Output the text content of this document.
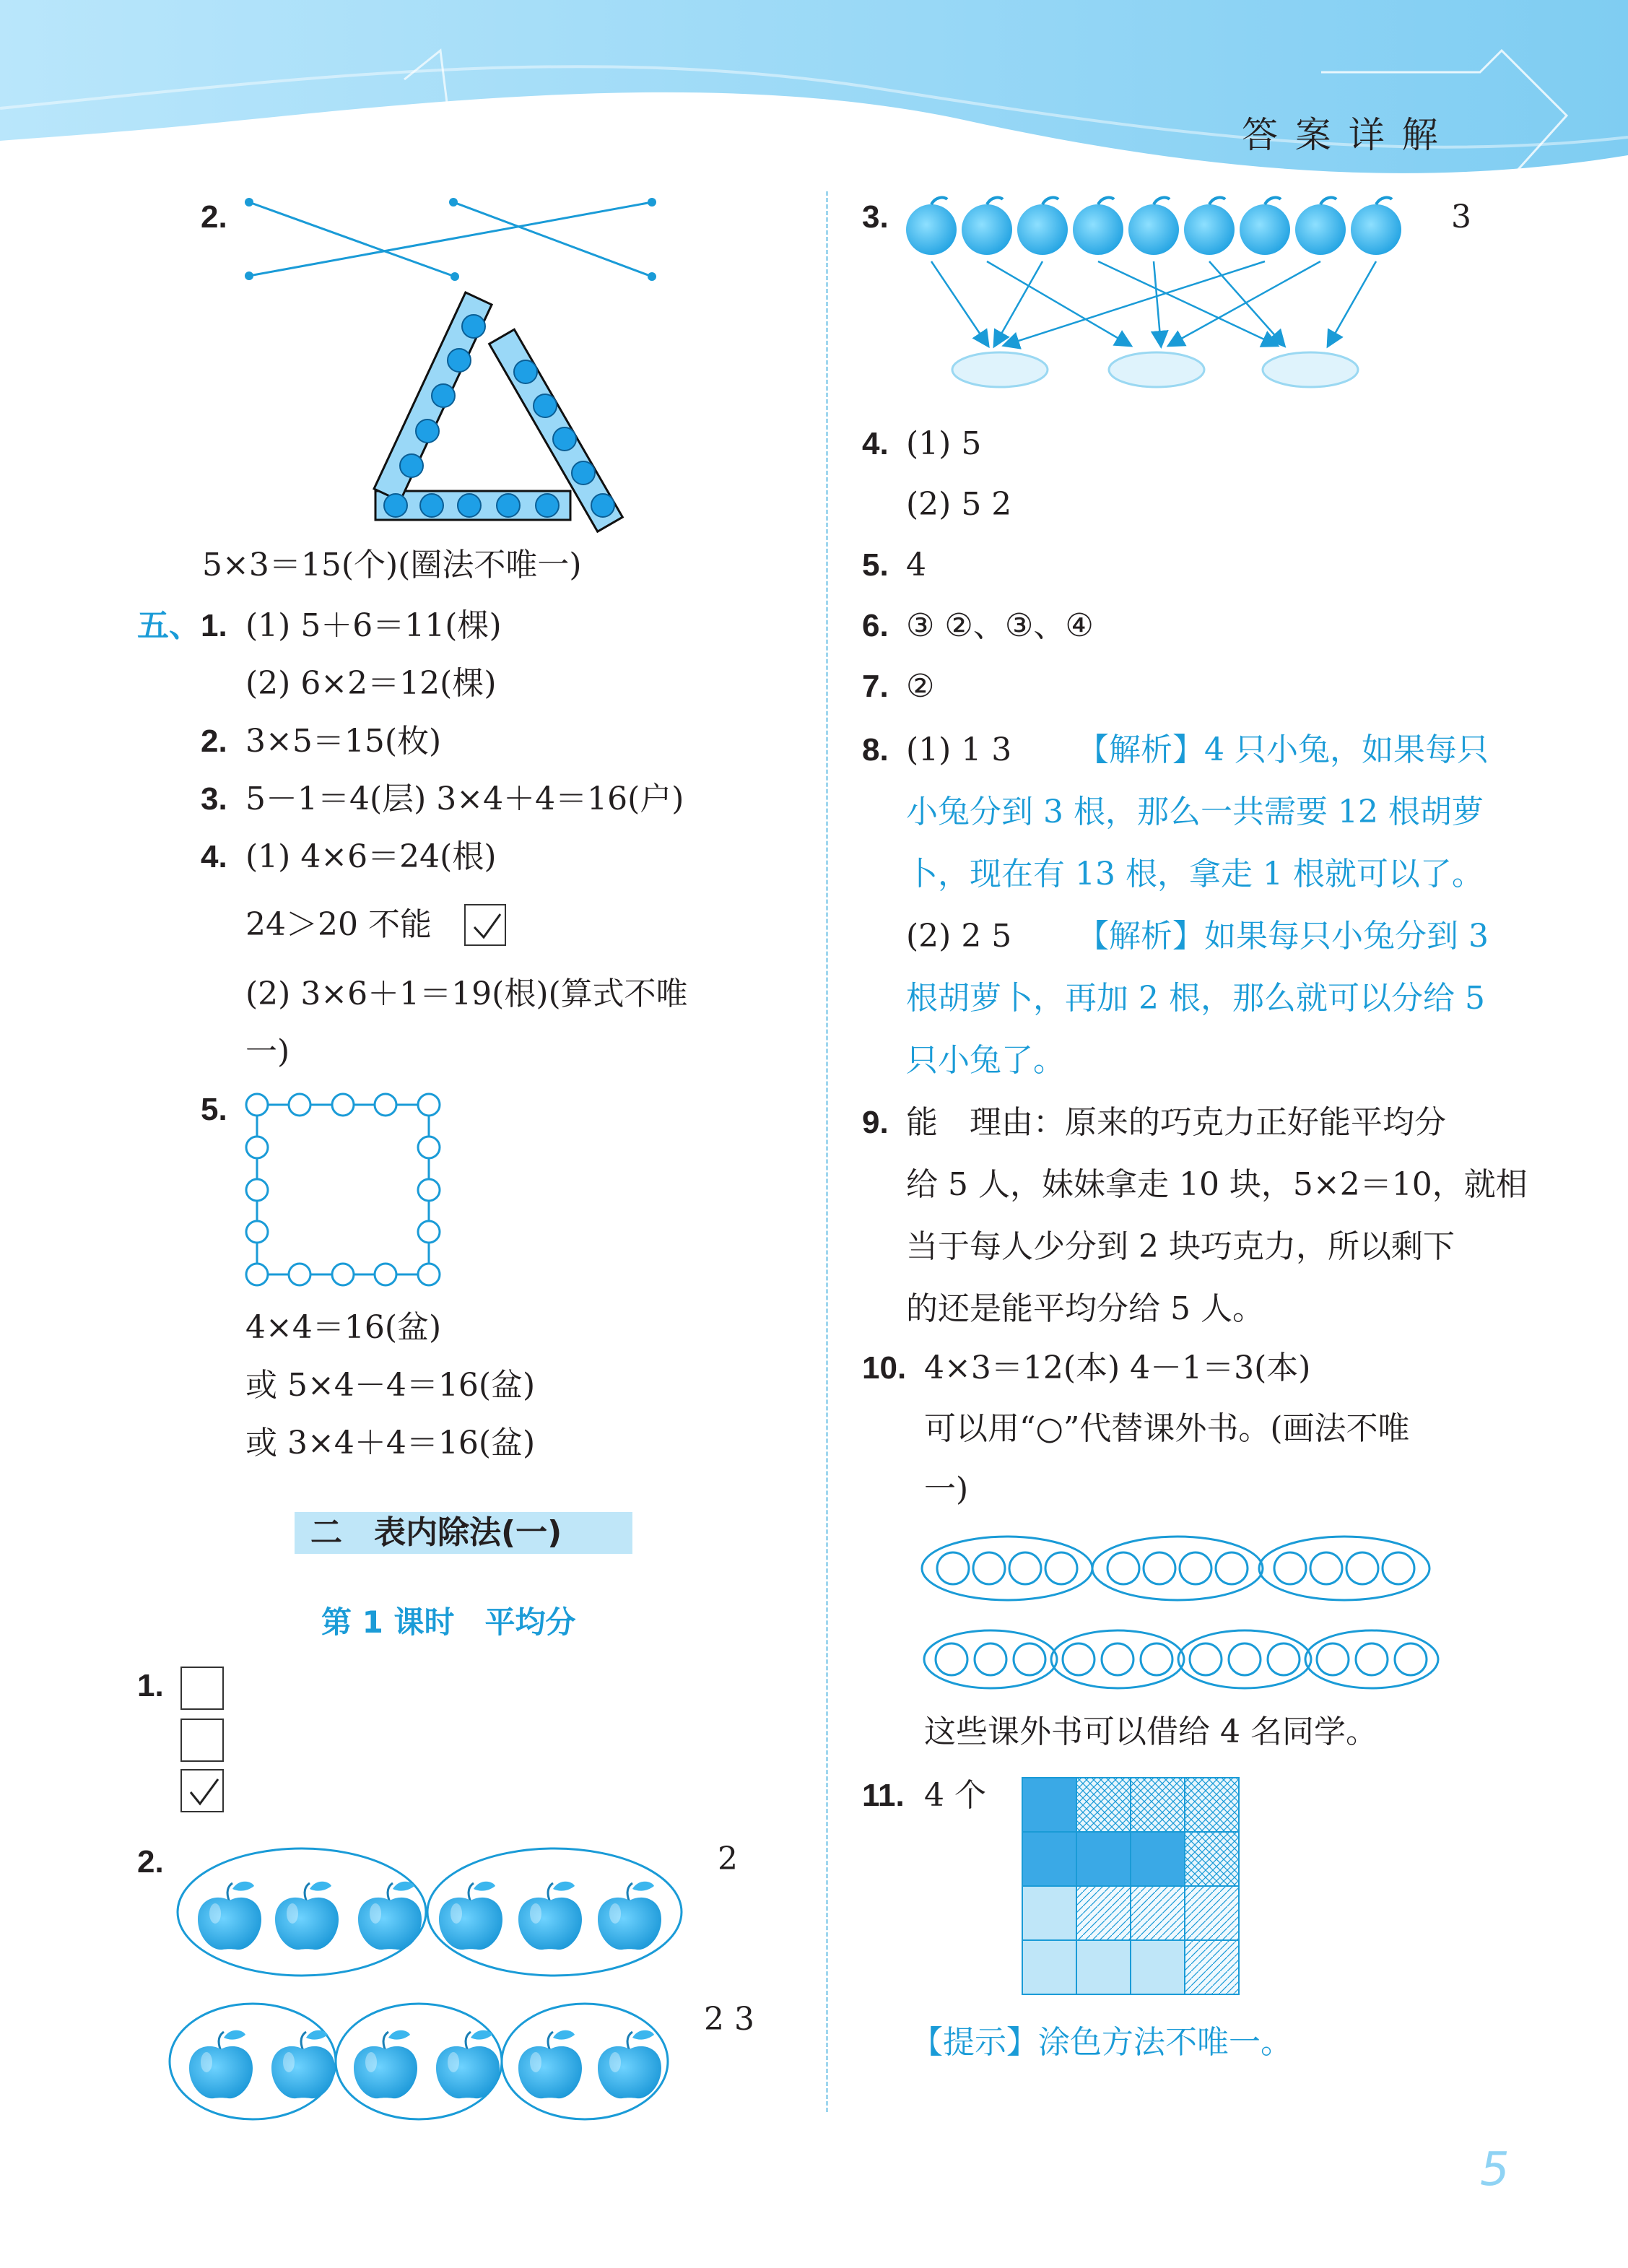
答 案 详 解
2.
5×3＝15(个)(圈法不唯一)
五、 1. (1) 5＋6＝11(棵)
(2) 6×2＝12(棵)
2. 3×5＝15(枚)
3. 5－1＝4(层) 3×4＋4＝16(户)
4. (1) 4×6＝24(根)
24＞20 不能
(2) 3×6＋1＝19(根)(算式不唯
一)
5.
4×4＝16(盆)
或 5×4－4＝16(盆)
或 3×4＋4＝16(盆)
二　表内除法(一)
第 1 课时　平均分
1.
2.	2
2 3
3.	3
4. (1) 5
(2) 5 2
5. 4
6. ③ ②、③、④
7. ②
8. (1) 1 3 【解析】4 只小兔，如果每只
小兔分到 3 根，那么一共需要 12 根胡萝
卜，现在有 13 根，拿走 1 根就可以了。
(2) 2 5 【解析】如果每只小兔分到 3
根胡萝卜，再加 2 根，那么就可以分给 5
只小兔了。
9. 能　理由：原来的巧克力正好能平均分
给 5 人，妹妹拿走 10 块，5×2＝10，就相
当于每人少分到 2 块巧克力，所以剩下
的还是能平均分给 5 人。
10. 4×3＝12(本) 4－1＝3(本)
可以用“○”代替课外书。(画法不唯
一)
这些课外书可以借给 4 名同学。
11. 4 个
【提示】涂色方法不唯一。
5
